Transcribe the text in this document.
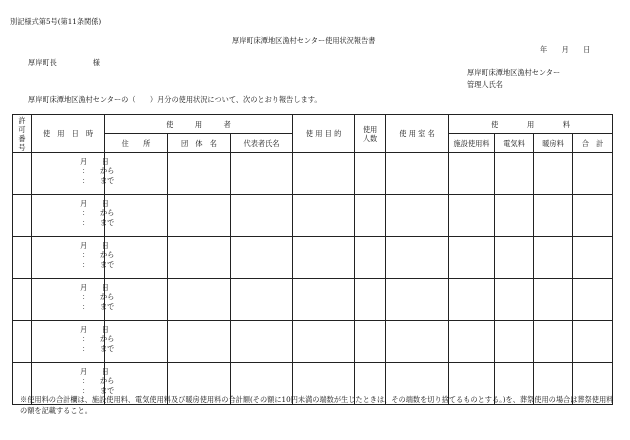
別記様式第5号(第11条関係)
厚岸町床潭地区漁村センター使用状況報告書
年　　月　　日
厚岸町長　　　　　様
厚岸町床潭地区漁村センター
管理人氏名
厚岸町床潭地区漁村センターの（　　）月分の使用状況について、次のとおり報告します。
許可番号	使　用　日　時	使　　　用　　　者			使 用 目 的	使用人数	使 用 室 名	使　　　　用　　　　料			
		住　　所	団　体　名	代表者氏名				施設使用料	電気料	暖房料	合　計

	月　　日
：　　から
：　　まで										

	月　　日
：　　から
：　　まで										

	月　　日
：　　から
：　　まで										

	月　　日
：　　から
：　　まで										

	月　　日
：　　から
：　　まで										

	月　　日
：　　から
：　　まで										

※使用料の合計欄は、施設使用料、電気使用料及び暖房使用料の合計額(その額に10円未満の端数が生じたときは、その端数を切り捨てるものとする。)を、葬祭使用の場合は葬祭使用料の額を記載すること。
